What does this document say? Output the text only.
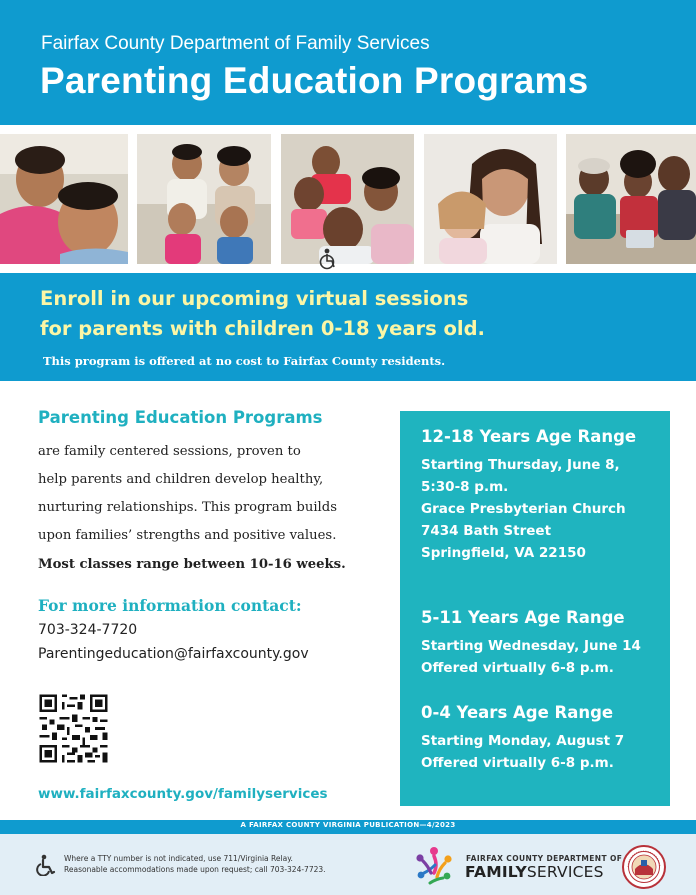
Fairfax County Department of Family Services
Parenting Education Programs
Enroll in our upcoming virtual sessions
for parents with children 0-18 years old.
This program is offered at no cost to Fairfax County residents.
Parenting Education Programs
are family centered sessions, proven to
help parents and children develop healthy,
nurturing relationships. This program builds
upon families’ strengths and positive values.
Most classes range between 10-16 weeks.
For more information contact:
703-324-7720
Parentingeducation@fairfaxcounty.gov
www.fairfaxcounty.gov/familyservices
12-18 Years Age Range
Starting Thursday, June 8,
5:30-8 p.m.
Grace Presbyterian Church
7434 Bath Street
Springfield, VA 22150
5-11 Years Age Range
Starting Wednesday, June 14
Offered virtually 6-8 p.m.
0-4 Years Age Range
Starting Monday, August 7
Offered virtually 6-8 p.m.
A FAIRFAX COUNTY VIRGINIA PUBLICATION—4/2023
Where a TTY number is not indicated, use 711/Virginia Relay.
Reasonable accommodations made upon request; call 703-324-7723.
FAIRFAX COUNTY DEPARTMENT OF
FAMILYSERVICES
